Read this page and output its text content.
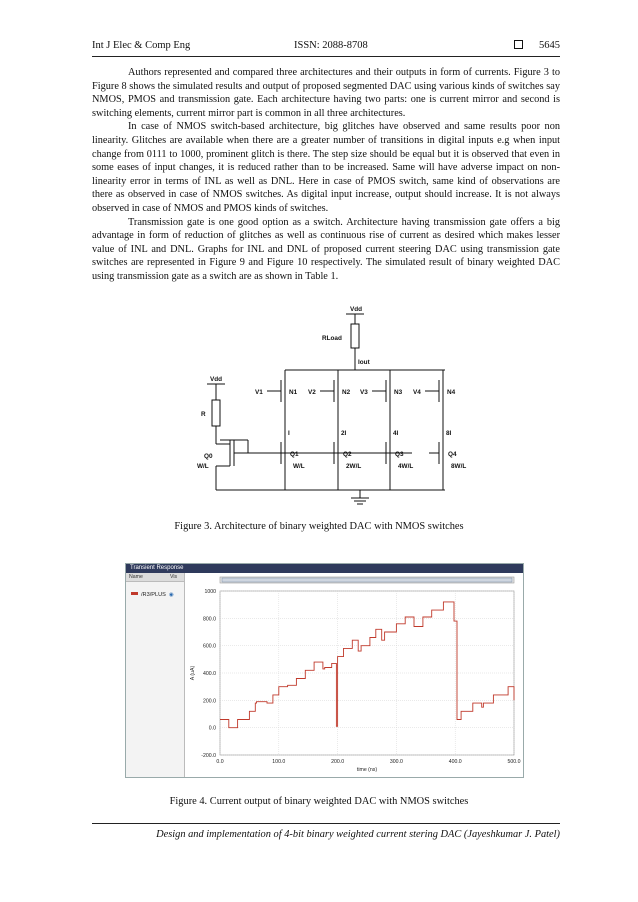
Int J Elec & Comp Eng	ISSN: 2088-8708	5645

Authors represented and compared three architectures and their outputs in form of currents. Figure 3 to Figure 8 shows the simulated results and output of proposed segmented DAC using various kinds of switches say NMOS, PMOS and transmission gate. Each architecture having two parts: one is current mirror and second is switching elements, current mirror part is common in all three architectures.

In case of NMOS switch-based architecture, big glitches have observed and same results poor non linearity. Glitches are available when there are a greater number of transitions in digital inputs e.g when input change from 0111 to 1000, prominent glitch is there. The step size should be equal but it is observed that even in some eases of input changes, it is reduced rather than to be increased. Same will have adverse impact on non-linearity error in terms of INL as well as DNL. Here in case of PMOS switch, same kind of observations are there as observed in case of NMOS switches. As digital input increase, output should increase. It is not always observed in case of NMOS and PMOS kinds of switches.

Transmission gate is one good option as a switch. Architecture having transmission gate offers a big advantage in form of reduction of glitches as well as continuous rise of current as desired which makes lesser value of INL and DNL. Graphs for INL and DNL of proposed current steering DAC using transmission gate switches are represented in Figure 9 and Figure 10 respectively. The simulated result of binary weighted DAC using transmission gate as a switch are as shown in Table 1.

Vdd
RLoad
Iout
Vdd
R
Q0
W/L
V1	N1
I
Q1
W/L
V2	N2
2I
Q2
2W/L
V3	N3
4I
Q3
4W/L
V4	N4
8I
Q4
8W/L
Figure 3. Architecture of binary weighted DAC with NMOS switches
Transient Response
Name	Vis
/R3/PLUS ◉	1000
800.0
600.0
400.0
200.0
0.0
-200.0
0.0	100.0	200.0	300.0	400.0	500.0
time (ns)
A (uA)
Figure 4. Current output of binary weighted DAC with NMOS switches
Design and implementation of 4-bit binary weighted current stering DAC (Jayeshkumar J. Patel)
